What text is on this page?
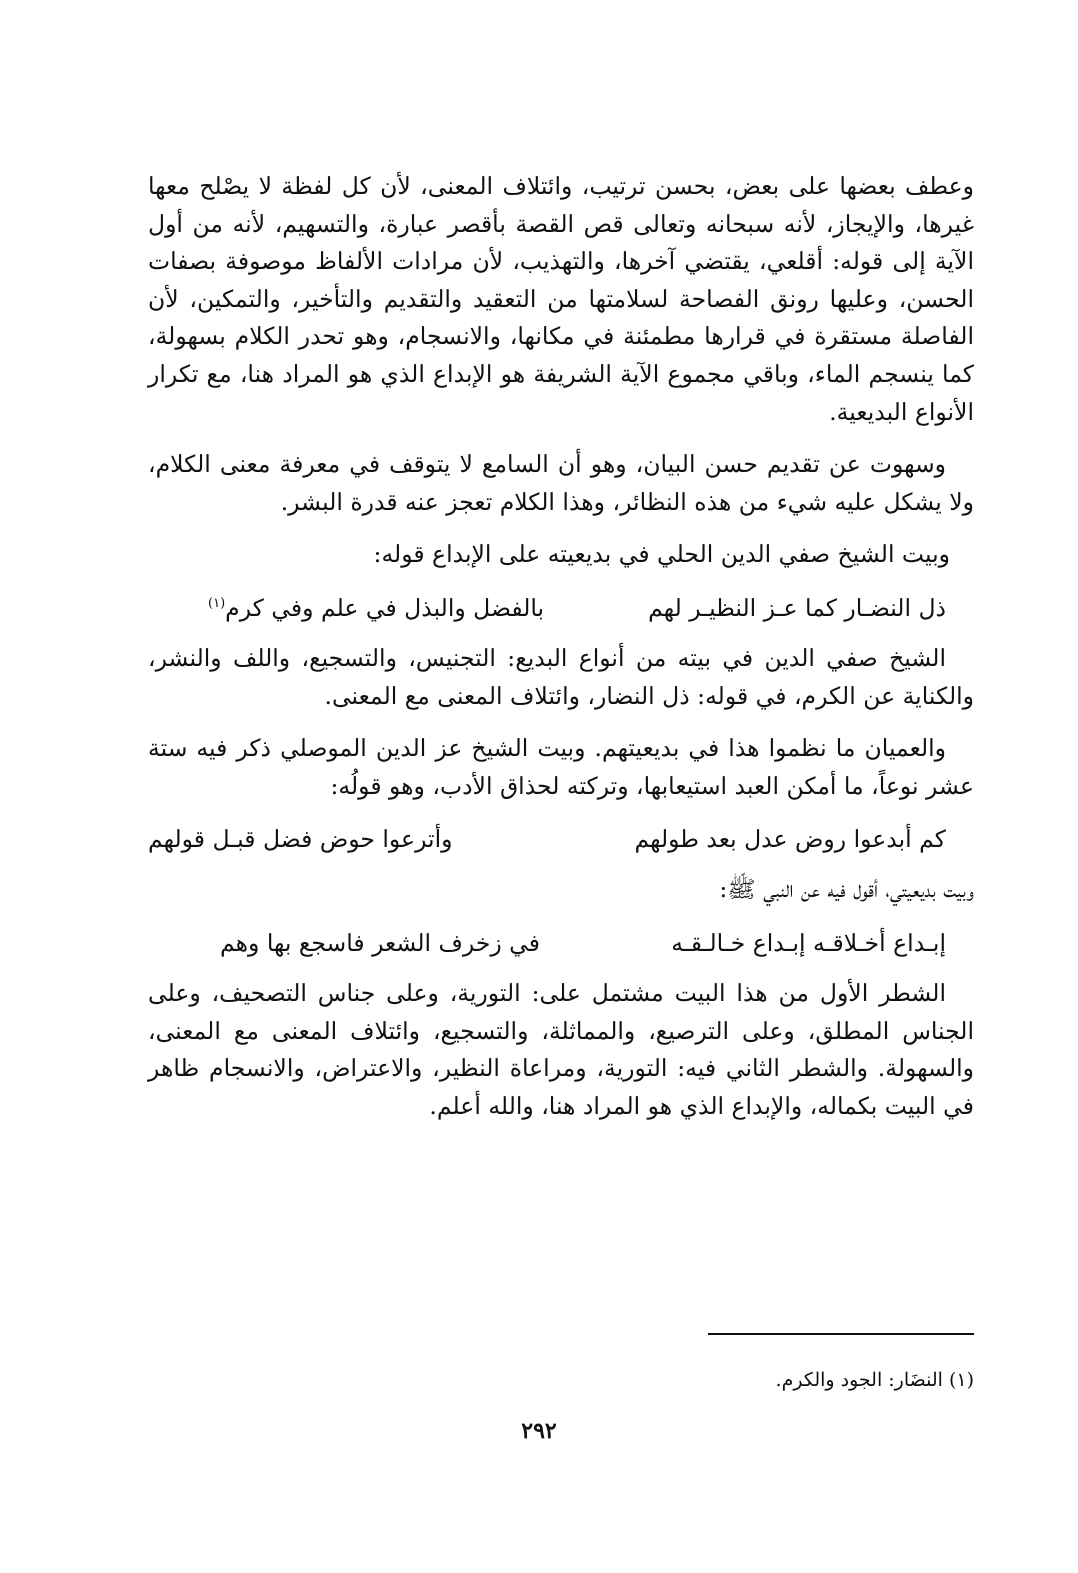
وعطف بعضها على بعض، بحسن ترتيب، وائتلاف المعنى، لأن كل لفظة لا يصْلح معها غيرها، والإيجاز، لأنه سبحانه وتعالى قص القصة بأقصر عبارة، والتسهيم، لأنه من أول الآية إلى قوله: أقلعي، يقتضي آخرها، والتهذيب، لأن مرادات الألفاظ موصوفة بصفات الحسن، وعليها رونق الفصاحة لسلامتها من التعقيد والتقديم والتأخير، والتمكين، لأن الفاصلة مستقرة في قرارها مطمئنة في مكانها، والانسجام، وهو تحدر الكلام بسهولة، كما ينسجم الماء، وباقي مجموع الآية الشريفة هو الإبداع الذي هو المراد هنا، مع تكرار الأنواع البديعية.

وسهوت عن تقديم حسن البيان، وهو أن السامع لا يتوقف في معرفة معنى الكلام، ولا يشكل عليه شيء من هذه النظائر، وهذا الكلام تعجز عنه قدرة البشر.

وبيت الشيخ صفي الدين الحلي في بديعيته على الإبداع قوله:

ذل النضـار كما عـز النظيـر لهم
بالفضل والبذل في علم وفي كرم$^{(١)}$

الشيخ صفي الدين في بيته من أنواع البديع: التجنيس، والتسجيع، واللف والنشر، والكناية عن الكرم، في قوله: ذل النضار، وائتلاف المعنى مع المعنى.

والعميان ما نظموا هذا في بديعيتهم. وبيت الشيخ عز الدين الموصلي ذكر فيه ستة عشر نوعاً، ما أمكن العبد استيعابها، وتركته لحذاق الأدب، وهو قولُه:

كم أبدعوا روض عدل بعد طولهم
وأترعوا حوض فضل قبـل قولهم

وبيت بديعيتي، أقول فيه عن النبي ﷺ:

إبـداع أخـلاقـه إبـداع خـالـقـه
في زخرف الشعر فاسجع بها وهم

الشطر الأول من هذا البيت مشتمل على: التورية، وعلى جناس التصحيف، وعلى الجناس المطلق، وعلى الترصيع، والمماثلة، والتسجيع، وائتلاف المعنى مع المعنى، والسهولة. والشطر الثاني فيه: التورية، ومراعاة النظير، والاعتراض، والانسجام ظاهر في البيت بكماله، والإبداع الذي هو المراد هنا، والله أعلم.

(١) النضَار: الجود والكرم.
٢٩٢
